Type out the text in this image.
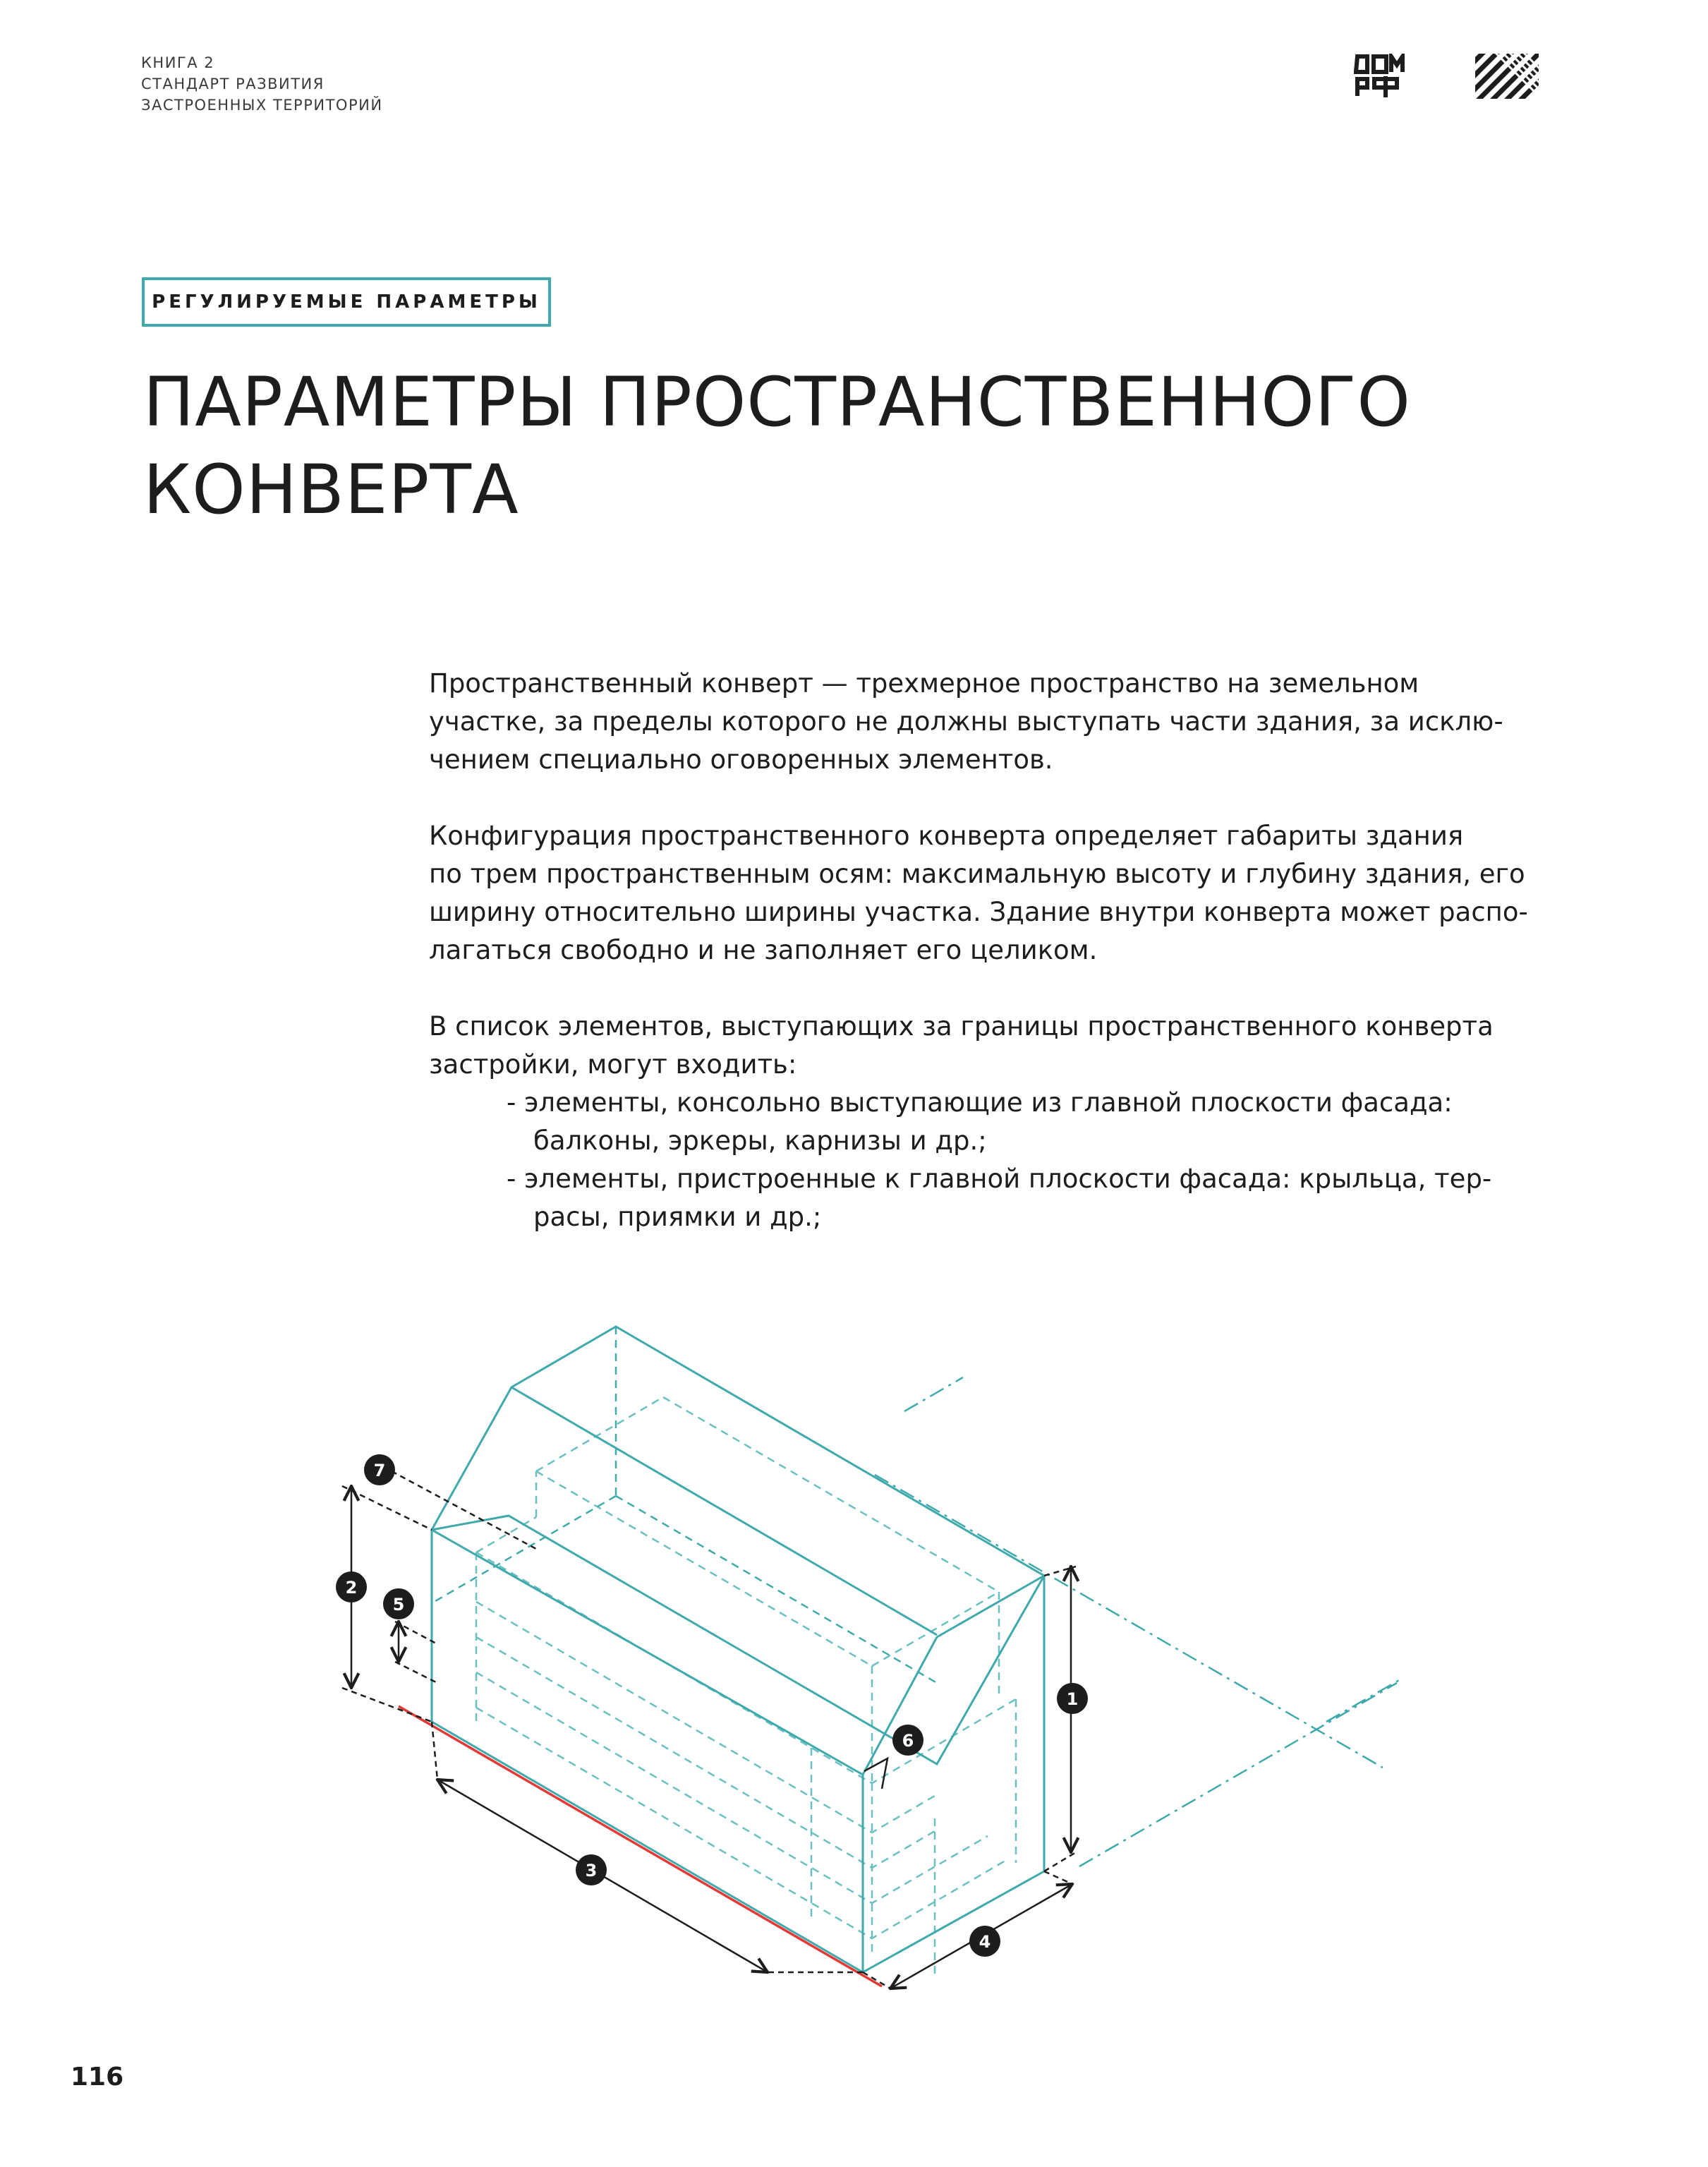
КНИГА 2
СТАНДАРТ РАЗВИТИЯ
ЗАСТРОЕННЫХ ТЕРРИТОРИЙ
РЕГУЛИРУЕМЫЕ ПАРАМЕТРЫ
ПАРАМЕТРЫ ПРОСТРАНСТВЕННОГО
КОНВЕРТА
Пространственный конверт — трехмерное пространство на земельном
участке, за пределы которого не должны выступать части здания, за исклю-
чением специально оговоренных элементов.
Конфигурация пространственного конверта определяет габариты здания
по трем пространственным осям: максимальную высоту и глубину здания, его
ширину относительно ширины участка. Здание внутри конверта может распо-
лагаться свободно и не заполняет его целиком.
В список элементов, выступающих за границы пространственного конверта
застройки, могут входить:
- элементы, консольно выступающие из главной плоскости фасада:
балконы, эркеры, карнизы и др.;
- элементы, пристроенные к главной плоскости фасада: крыльца, тер-
расы, приямки и др.;
1
2
3
4
5
6
7
116
